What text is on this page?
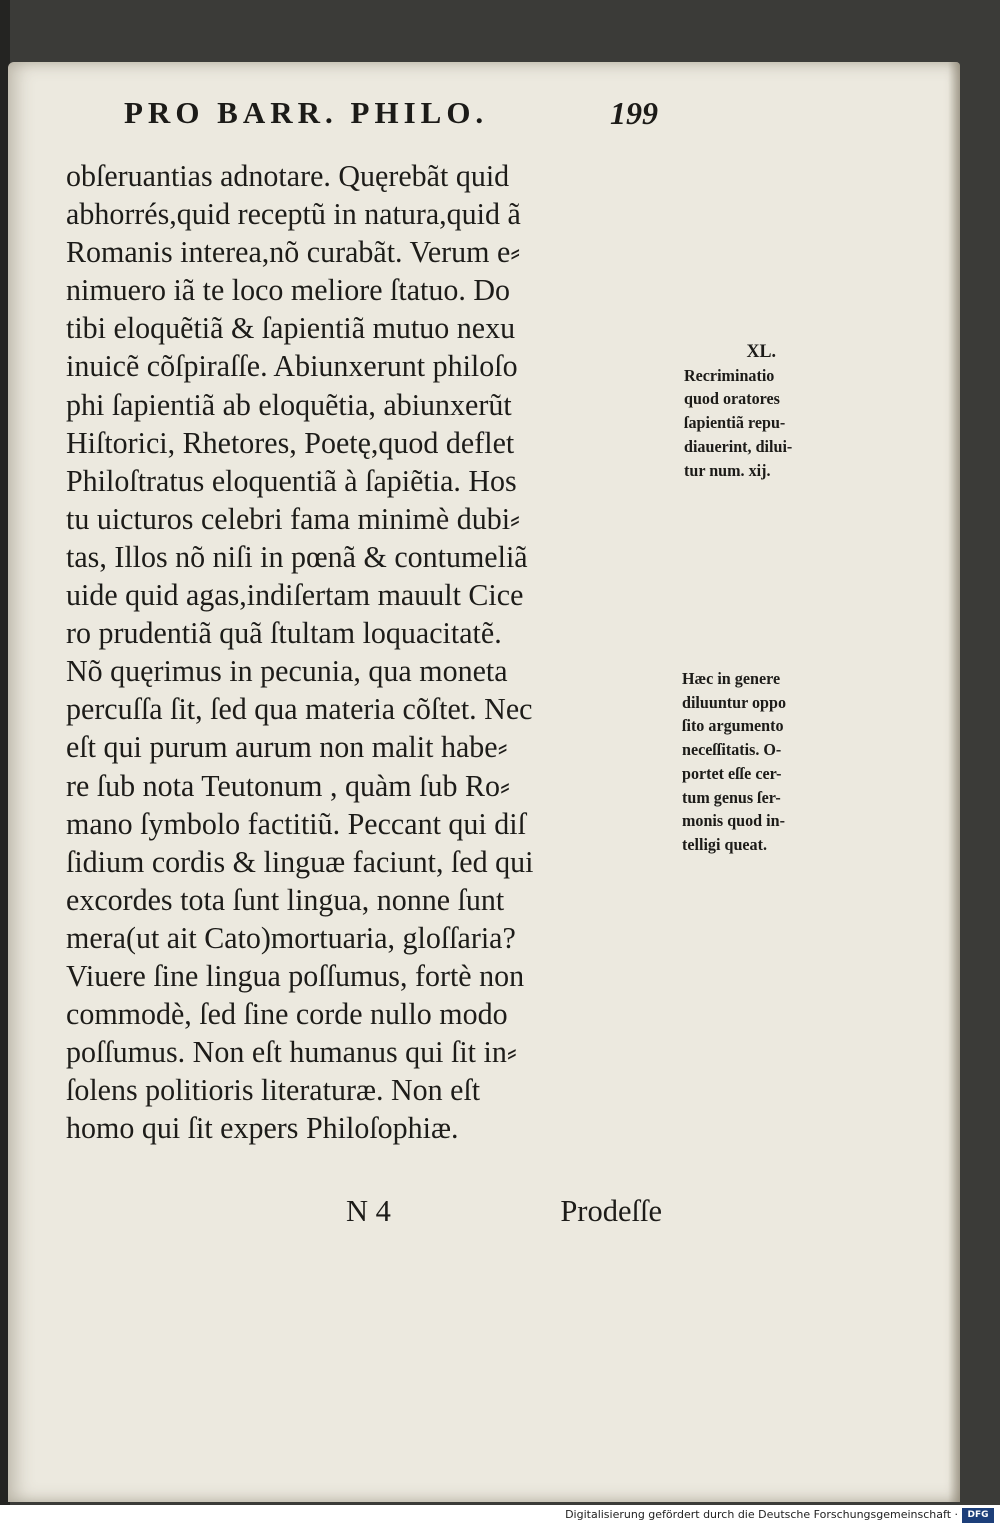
PRO BARR. PHILO.	199
obſeruantias adnotare. Quęrebãt quid
abhorrés,quid receptũ in natura,quid ã
Romanis interea,nõ curabãt. Verum e⸗
nimuero iã te loco meliore ſtatuo. Do
tibi eloquẽtiã & ſapientiã mutuo nexu
inuicẽ cõſpiraſſe. Abiunxerunt philoſo
phi ſapientiã ab eloquẽtia, abiunxerũt
Hiſtorici, Rhetores, Poetę,quod deflet
Philoſtratus eloquentiã à ſapiẽtia. Hos
tu uicturos celebri fama minimè dubi⸗
tas, Illos nõ niſi in pœnã & contumeliã
uide quid agas,indiſertam mauult Cice
ro prudentiã quã ſtultam loquacitatẽ.
Nõ quęrimus in pecunia, qua moneta
percuſſa ſit, ſed qua materia cõſtet. Nec
eſt qui purum aurum non malit habe⸗
re ſub nota Teutonum , quàm ſub Ro⸗
mano ſymbolo factitiũ. Peccant qui diſ
ſidium cordis & linguæ faciunt, ſed qui
excordes tota ſunt lingua, nonne ſunt
mera(ut ait Cato)mortuaria, gloſſaria?
Viuere ſine lingua poſſumus, fortè non
commodè, ſed ſine corde nullo modo
poſſumus. Non eſt humanus qui ſit in⸗
ſolens politioris literaturæ. Non eſt
homo qui ſit expers Philoſophiæ.
N 4	Prodeſſe
XL.
Recriminatio
quod oratores
ſapientiã repu-
diauerint, dilui-
tur num. xij.
Hæc in genere
diluuntur oppo
ſito argumento
neceſſitatis. O-
portet eſſe cer-
tum genus ſer-
monis quod in-
telligi queat.
Digitalisierung gefördert durch die Deutsche Forschungsgemeinschaft ·	DFG
